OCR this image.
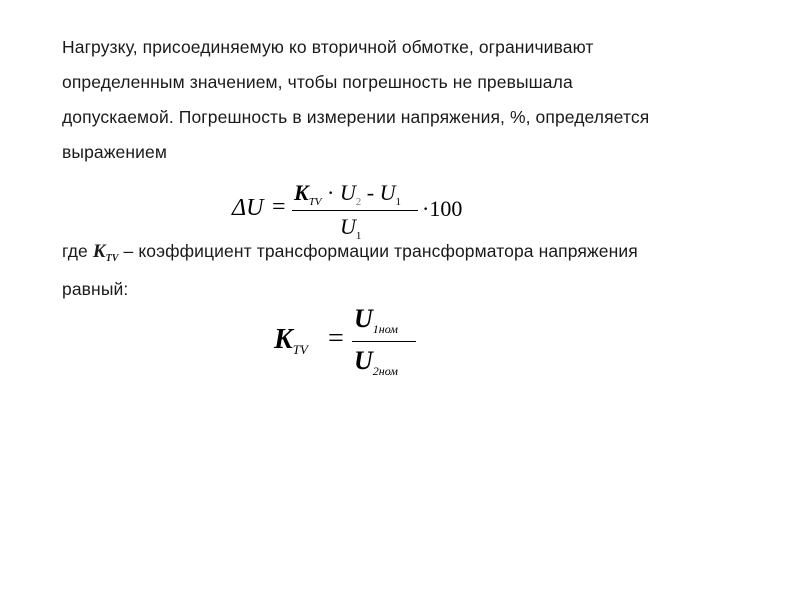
Нагрузку, присоединяемую ко вторичной обмотке, ограничивают
определенным значением, чтобы погрешность не превышала
допускаемой. Погрешность в измерении напряжения, %, определяется
выражением
ΔU =
$K_{TV} \cdot U_2 - U_1$
$U_1$
·100
где $K_{TV}$ – коэффициент трансформации трансформатора напряжения
равный:
$K_{TV}$ =
$U_{1ном}$
$U_{2ном}$
